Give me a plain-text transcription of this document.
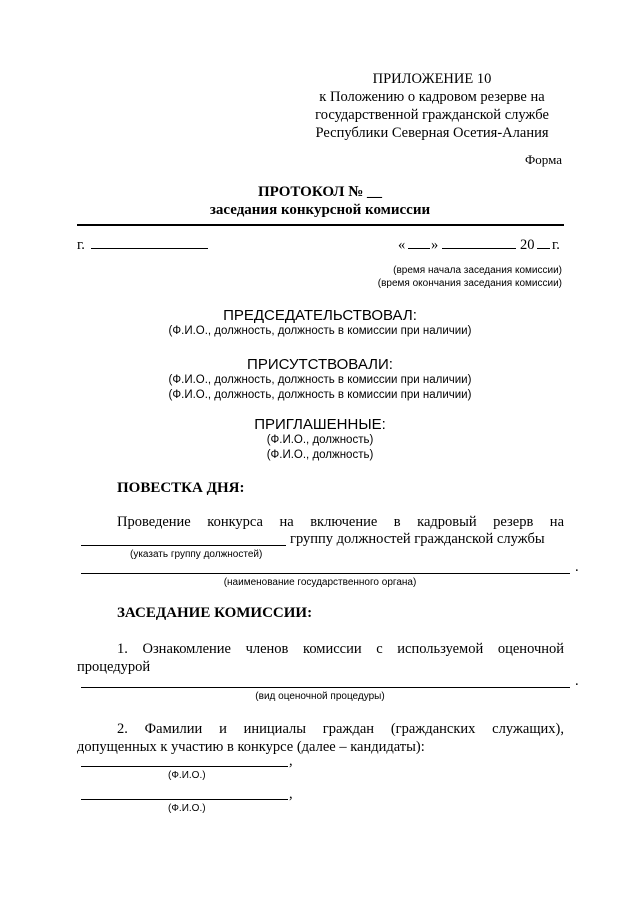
ПРИЛОЖЕНИЕ 10
к Положению о кадровом резерве на
государственной гражданской службе
Республики Северная Осетия-Алания
Форма
ПРОТОКОЛ № __
заседания конкурсной комиссии
г.	« »	20 г.
(время начала заседания комиссии)
(время окончания заседания комиссии)
ПРЕДСЕДАТЕЛЬСТВОВАЛ:
(Ф.И.О., должность, должность в комиссии при наличии)
ПРИСУТСТВОВАЛИ:
(Ф.И.О., должность, должность в комиссии при наличии)
(Ф.И.О., должность, должность в комиссии при наличии)
ПРИГЛАШЕННЫЕ:
(Ф.И.О., должность)
(Ф.И.О., должность)
ПОВЕСТКА ДНЯ:
Проведение конкурса на включение в кадровый резерв на
группу должностей гражданской службы
(указать группу должностей)
.
(наименование государственного органа)
ЗАСЕДАНИЕ КОМИССИИ:
1. Ознакомление членов комиссии с используемой оценочной
процедурой
.
(вид оценочной процедуры)
2. Фамилии и инициалы граждан (гражданских служащих),
допущенных к участию в конкурсе (далее – кандидаты):
,
(Ф.И.О.)
,
(Ф.И.О.)
